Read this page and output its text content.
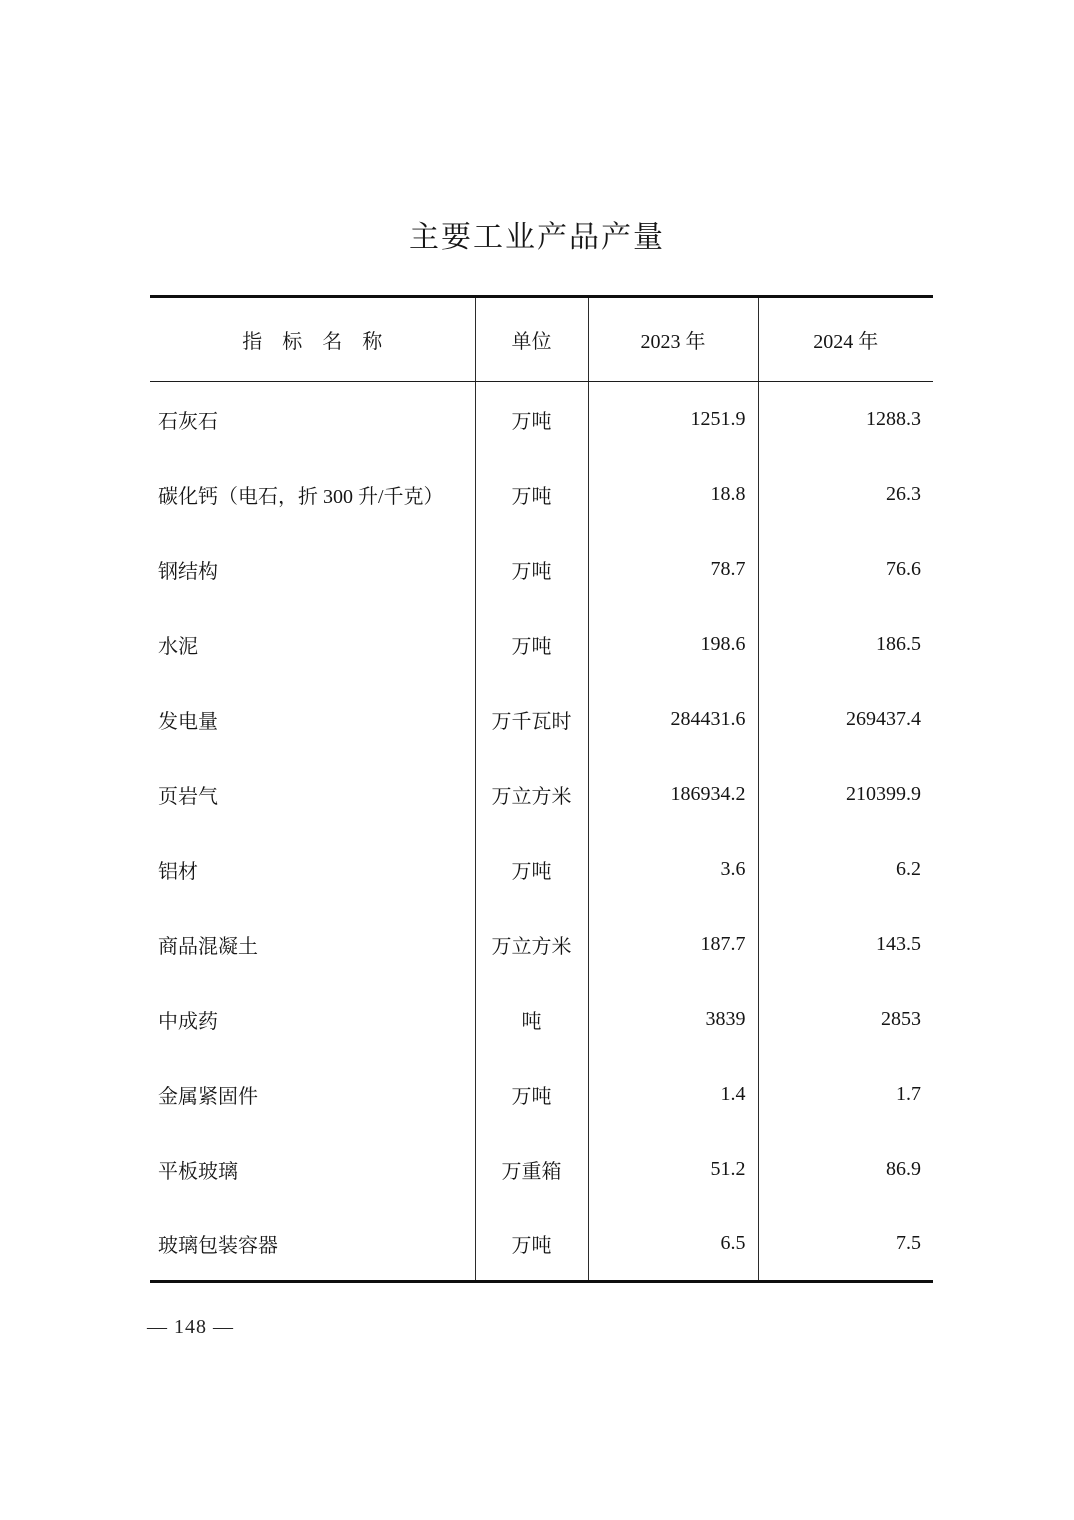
主要工业产品产量
指　标　名　称	单位	2023 年	2024 年
石灰石	万吨	1251.9	1288.3
碳化钙（电石，折 300 升/千克）	万吨	18.8	26.3
钢结构	万吨	78.7	76.6
水泥	万吨	198.6	186.5
发电量	万千瓦时	284431.6	269437.4
页岩气	万立方米	186934.2	210399.9
铝材	万吨	3.6	6.2
商品混凝土	万立方米	187.7	143.5
中成药	吨	3839	2853
金属紧固件	万吨	1.4	1.7
平板玻璃	万重箱	51.2	86.9
玻璃包装容器	万吨	6.5	7.5
— 148 —
